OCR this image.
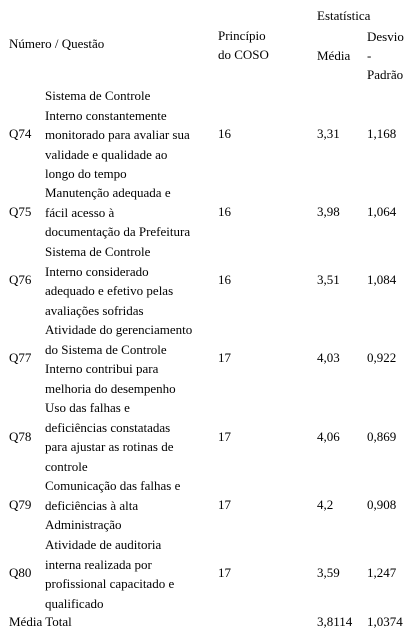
Número / Questão
Princípio
do COSO
Estatística
Média
Desvio
-
Padrão
Q74
Sistema de Controle
Interno constantemente
monitorado para avaliar sua
validade e qualidade ao
longo do tempo
16	3,31 1,168
Q75
Manutenção adequada e
fácil acesso à
documentação da Prefeitura
16	3,98 1,064
Q76
Sistema de Controle
Interno considerado
adequado e efetivo pelas
avaliações sofridas
16	3,51 1,084
Q77
Atividade do gerenciamento
do Sistema de Controle
Interno contribui para
melhoria do desempenho
17	4,03 0,922
Q78
Uso das falhas e
deficiências constatadas
para ajustar as rotinas de
controle
17	4,06 0,869
Q79
Comunicação das falhas e
deficiências à alta
Administração
17	4,2	0,908
Q80
Atividade de auditoria
interna realizada por
profissional capacitado e
qualificado
17	3,59 1,247
Média Total	3,8114 1,0374
